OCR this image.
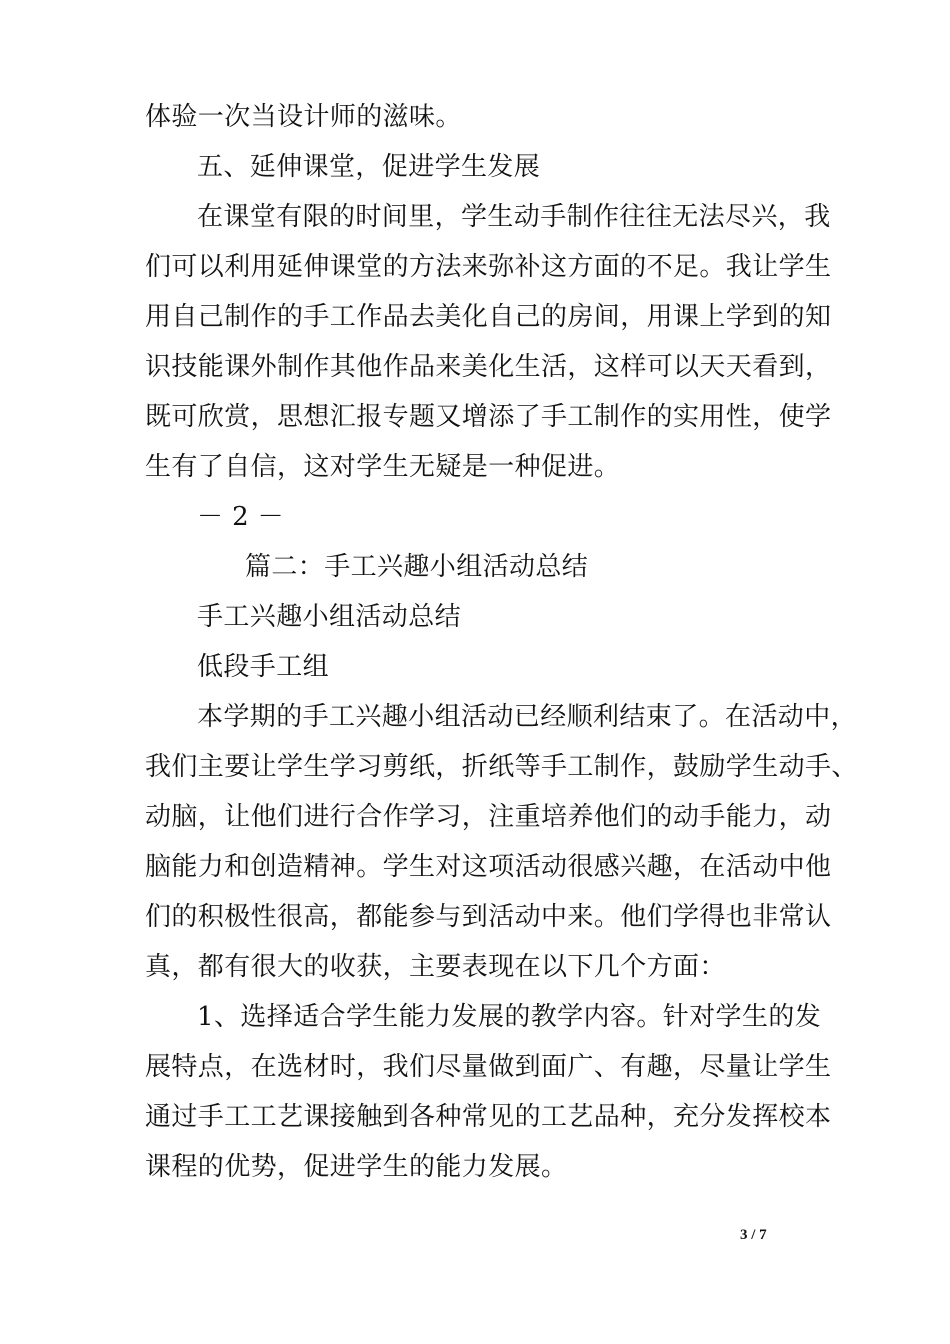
体验一次当设计师的滋味。
五、延伸课堂，促进学生发展
在课堂有限的时间里，学生动手制作往往无法尽兴，我
们可以利用延伸课堂的方法来弥补这方面的不足。我让学生
用自己制作的手工作品去美化自己的房间，用课上学到的知
识技能课外制作其他作品来美化生活，这样可以天天看到，
既可欣赏，思想汇报专题又增添了手工制作的实用性，使学
生有了自信，这对学生无疑是一种促进。
－ 2 －
篇二：手工兴趣小组活动总结
手工兴趣小组活动总结
低段手工组
本学期的手工兴趣小组活动已经顺利结束了。在活动中，
我们主要让学生学习剪纸，折纸等手工制作，鼓励学生动手、
动脑，让他们进行合作学习，注重培养他们的动手能力，动
脑能力和创造精神。学生对这项活动很感兴趣，在活动中他
们的积极性很高，都能参与到活动中来。他们学得也非常认
真，都有很大的收获，主要表现在以下几个方面：
1、选择适合学生能力发展的教学内容。针对学生的发
展特点，在选材时，我们尽量做到面广、有趣，尽量让学生
通过手工工艺课接触到各种常见的工艺品种，充分发挥校本
课程的优势，促进学生的能力发展。
3 / 7
